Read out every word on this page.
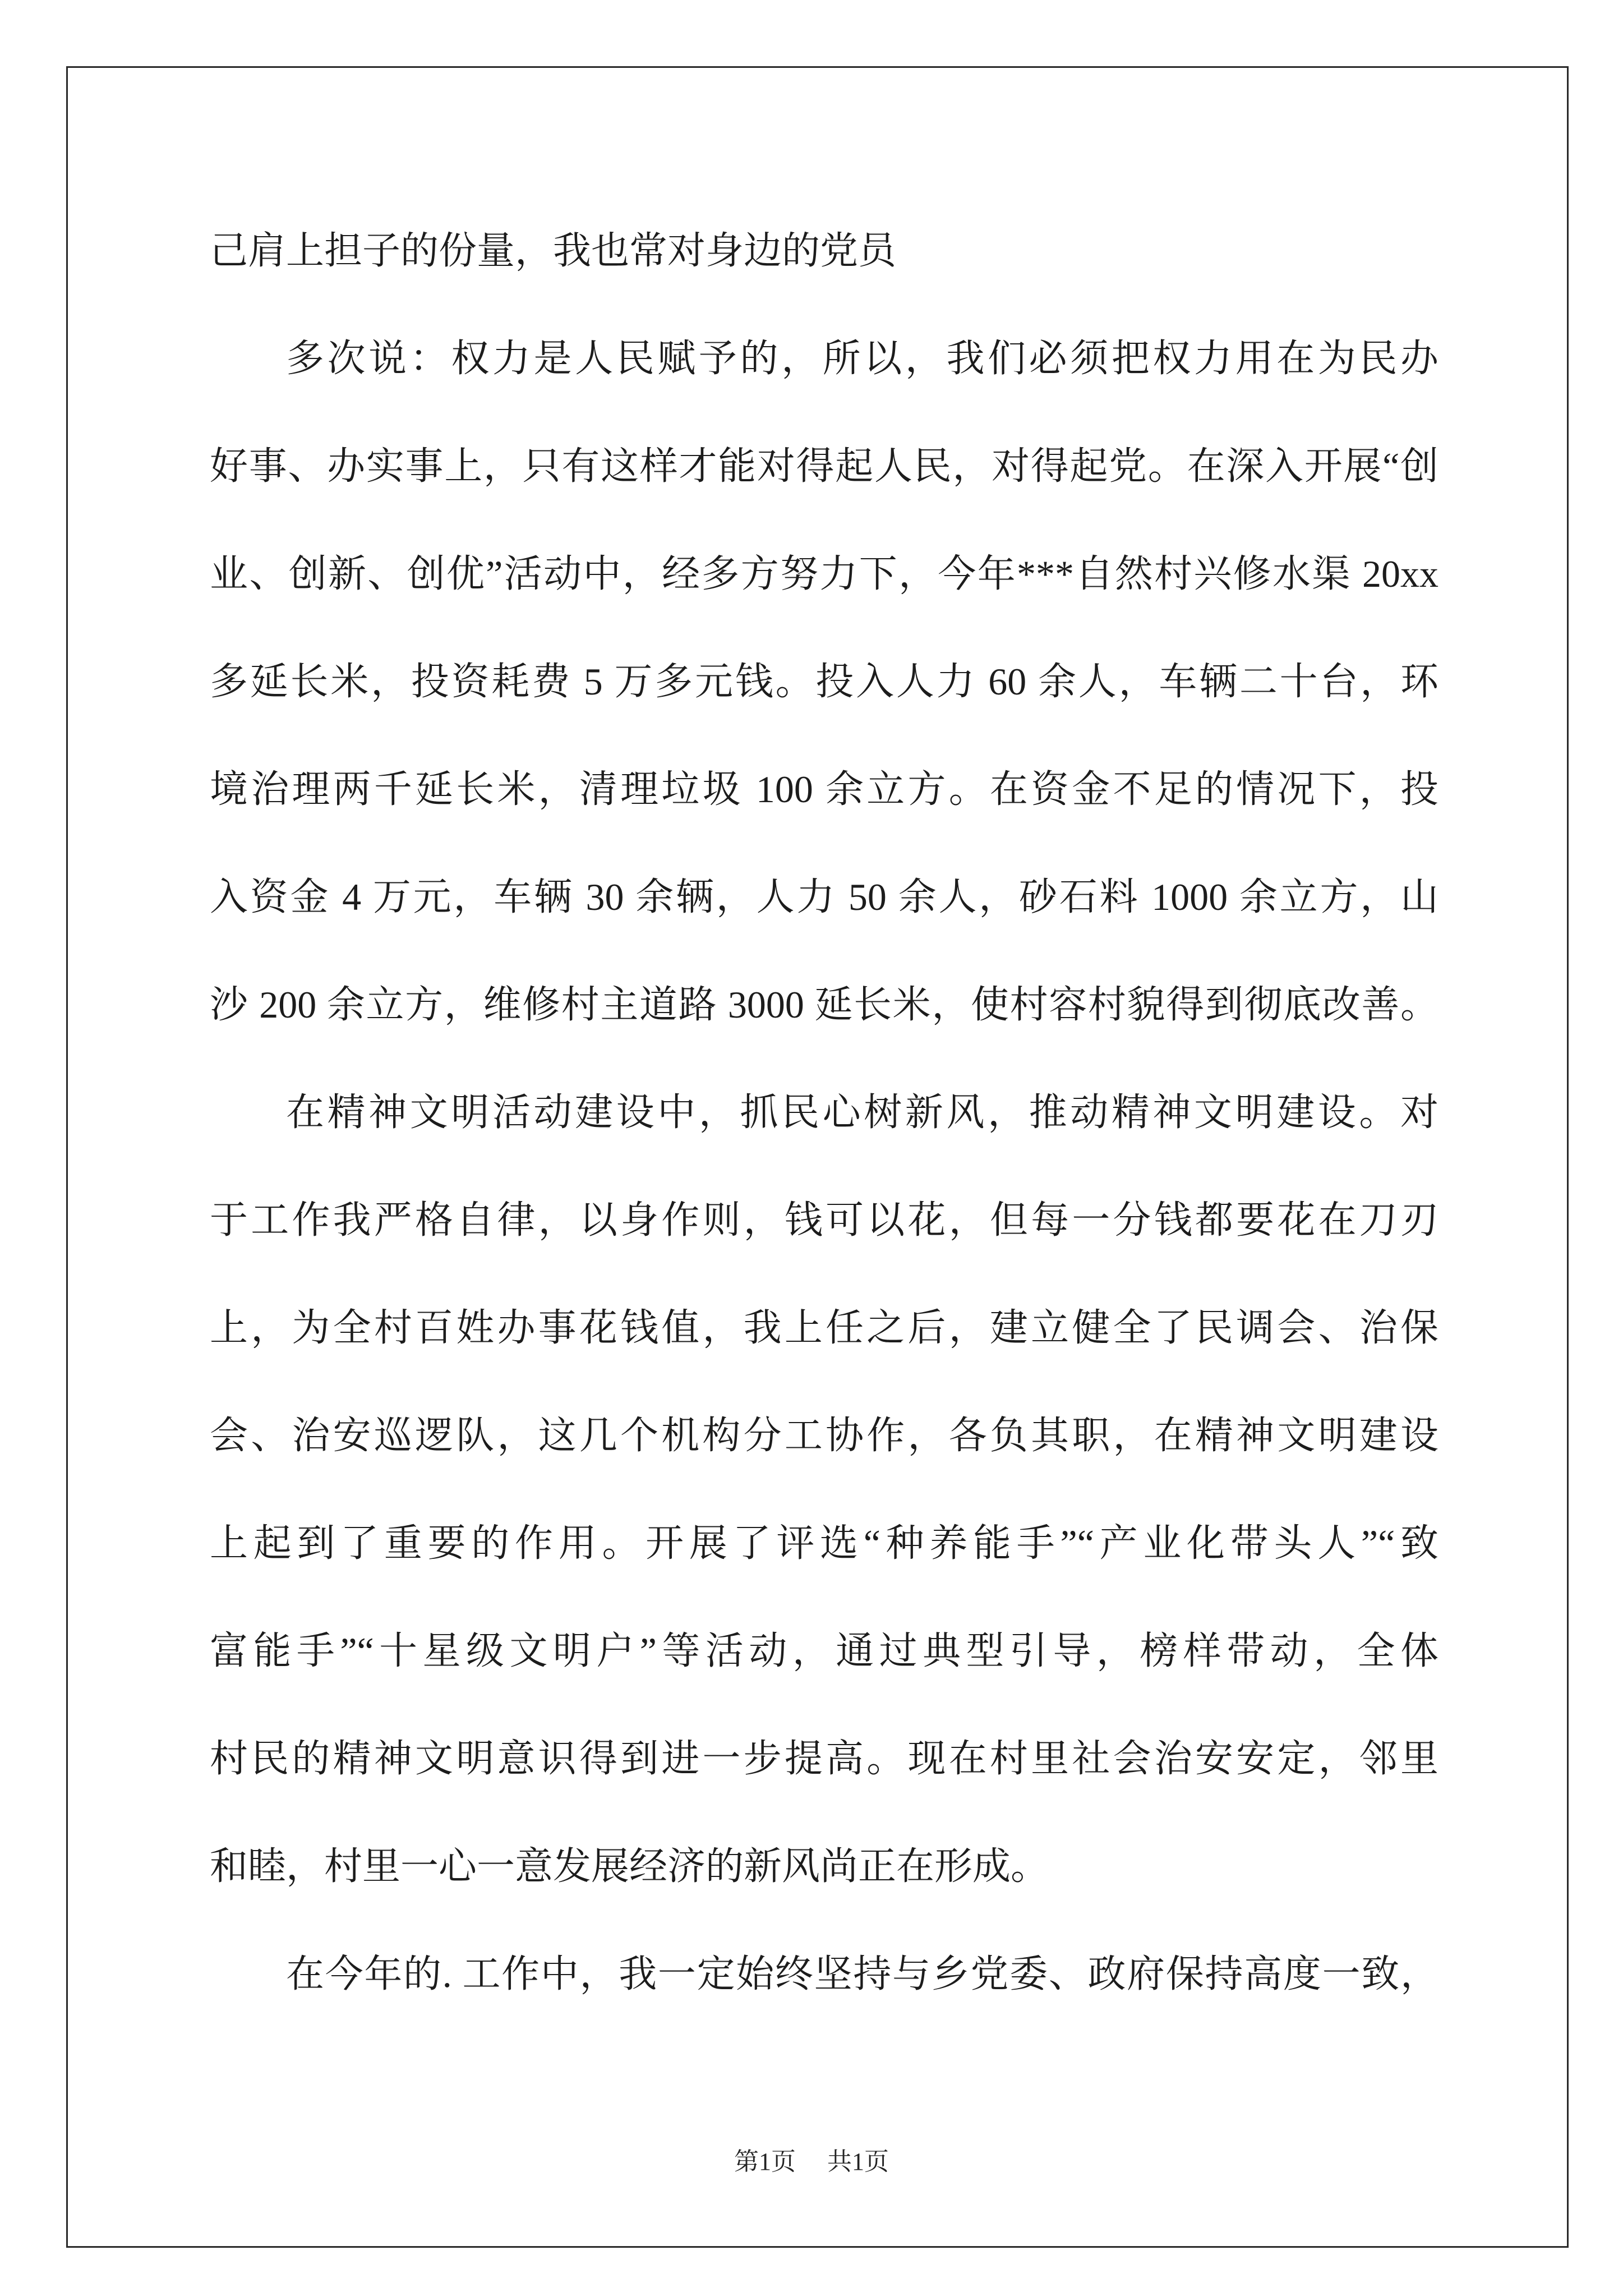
己肩上担子的份量，我也常对身边的党员
多次说：权力是人民赋予的，所以，我们必须把权力用在为民办
好事、办实事上，只有这样才能对得起人民，对得起党。在深入开展“创
业、创新、创优”活动中，经多方努力下，今年***自然村兴修水渠 20xx
多延长米，投资耗费 5 万多元钱。投入人力 60 余人，车辆二十台，环
境治理两千延长米，清理垃圾 100 余立方。在资金不足的情况下，投
入资金 4 万元，车辆 30 余辆，人力 50 余人，砂石料 1000 余立方，山
沙 200 余立方，维修村主道路 3000 延长米，使村容村貌得到彻底改善。
在精神文明活动建设中，抓民心树新风，推动精神文明建设。对
于工作我严格自律，以身作则，钱可以花，但每一分钱都要花在刀刃
上，为全村百姓办事花钱值，我上任之后，建立健全了民调会、治保
会、治安巡逻队，这几个机构分工协作，各负其职，在精神文明建设
上起到了重要的作用。开展了评选“种养能手”“产业化带头人”“致
富能手”“十星级文明户”等活动，通过典型引导，榜样带动，全体
村民的精神文明意识得到进一步提高。现在村里社会治安安定，邻里
和睦，村里一心一意发展经济的新风尚正在形成。
在今年的. 工作中，我一定始终坚持与乡党委、政府保持高度一致，
第1页 共1页
